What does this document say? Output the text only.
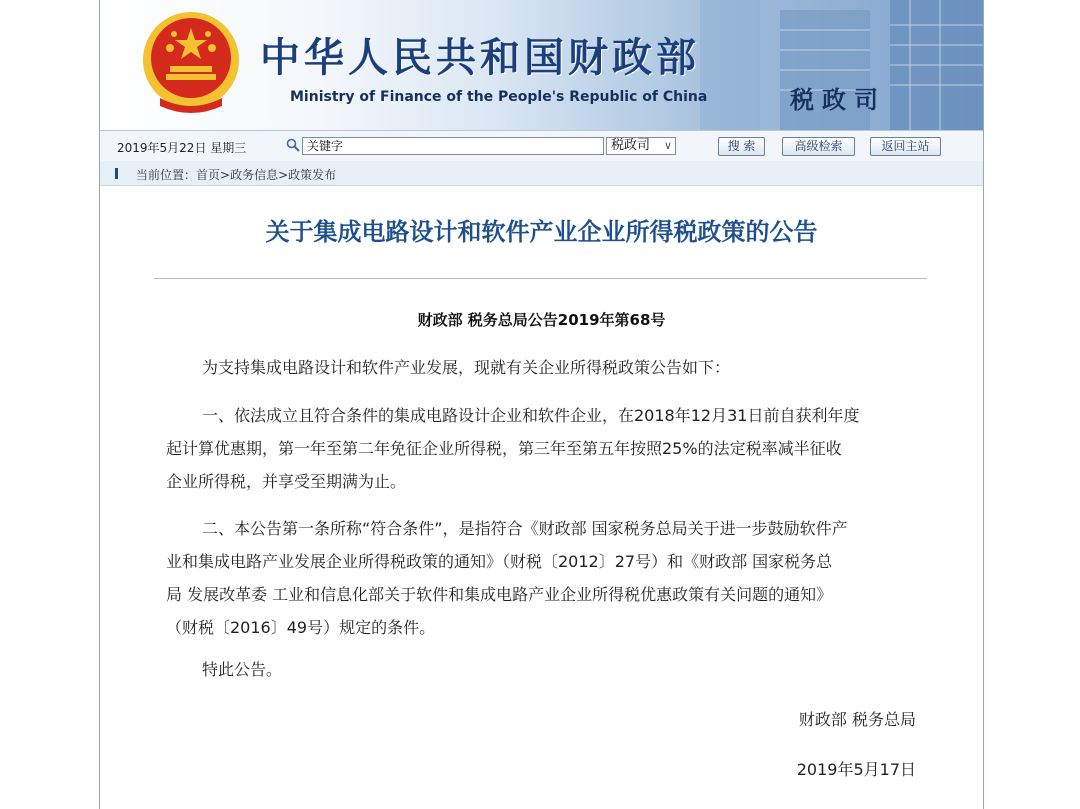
中华人民共和国财政部
Ministry of Finance of the People's Republic of China	税政司
2019年5月22日 星期三	关键字	税政司 ∨	搜 索	高级检索	返回主站
当前位置：首页>政务信息>政策发布
关于集成电路设计和软件产业企业所得税政策的公告
财政部 税务总局公告2019年第68号
为支持集成电路设计和软件产业发展，现就有关企业所得税政策公告如下：
一、依法成立且符合条件的集成电路设计企业和软件企业，在2018年12月31日前自获利年度
起计算优惠期，第一年至第二年免征企业所得税，第三年至第五年按照25%的法定税率减半征收
企业所得税，并享受至期满为止。
二、本公告第一条所称“符合条件”，是指符合《财政部 国家税务总局关于进一步鼓励软件产
业和集成电路产业发展企业所得税政策的通知》（财税〔2012〕27号）和《财政部 国家税务总
局 发展改革委 工业和信息化部关于软件和集成电路产业企业所得税优惠政策有关问题的通知》
（财税〔2016〕49号）规定的条件。
特此公告。
财政部 税务总局
2019年5月17日
